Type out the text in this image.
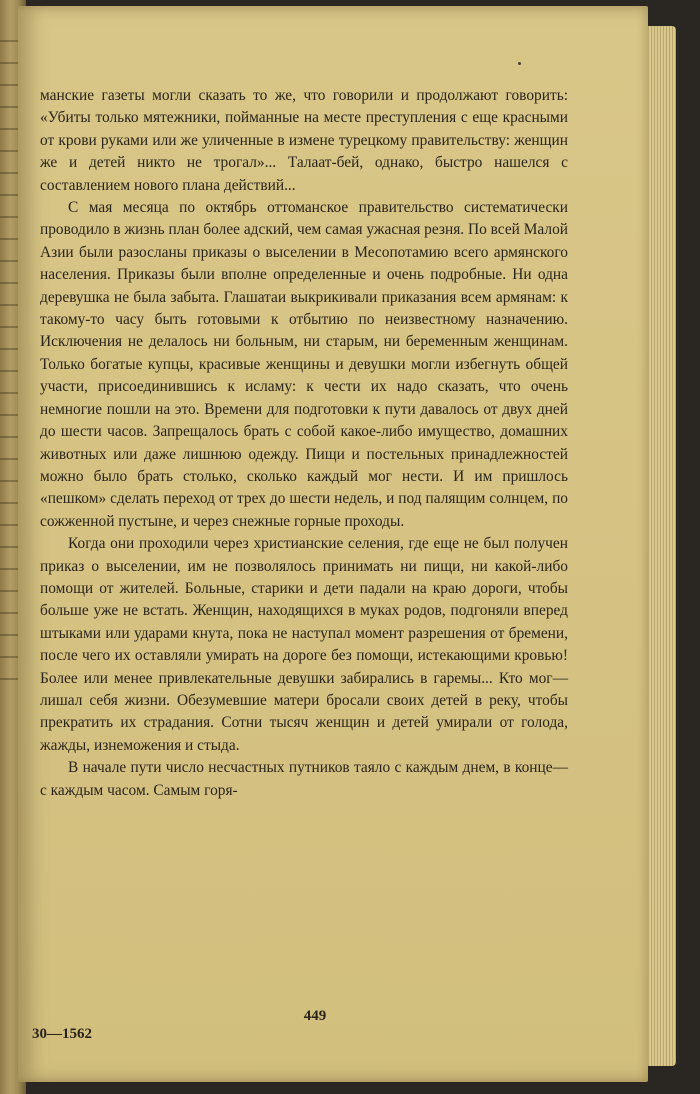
манские газеты могли сказать то же, что говорили и продолжают говорить: «Убиты только мятежники, пойманные на месте преступления с еще красными от крови руками или же уличенные в измене турецкому правительству: женщин же и детей никто не трогал»... Талаат-бей, однако, быстро нашелся с составлением нового плана действий...

С мая месяца по октябрь оттоманское правительство систематически проводило в жизнь план более адский, чем самая ужасная резня. По всей Малой Азии были разосланы приказы о выселении в Месопотамию всего армянского населения. Приказы были вполне определенные и очень подробные. Ни одна деревушка не была забыта. Глашатаи выкрикивали приказания всем армянам: к такому-то часу быть готовыми к отбытию по неизвестному назначению. Исключения не делалось ни больным, ни старым, ни беременным женщинам. Только богатые купцы, красивые женщины и девушки могли избегнуть общей участи, присоединившись к исламу: к чести их надо сказать, что очень немногие пошли на это. Времени для подготовки к пути давалось от двух дней до шести часов. Запрещалось брать с собой какое-либо имущество, домашних животных или даже лишнюю одежду. Пищи и постельных принадлежностей можно было брать столько, сколько каждый мог нести. И им пришлось «пешком» сделать переход от трех до шести недель, и под палящим солнцем, по сожженной пустыне, и через снежные горные проходы.

Когда они проходили через христианские селения, где еще не был получен приказ о выселении, им не позволялось принимать ни пищи, ни какой-либо помощи от жителей. Больные, старики и дети падали на краю дороги, чтобы больше уже не встать. Женщин, находящихся в муках родов, подгоняли вперед штыками или ударами кнута, пока не наступал момент разрешения от бремени, после чего их оставляли умирать на дороге без помощи, истекающими кровью! Более или менее привлекательные девушки забирались в гаремы... Кто мог—лишал себя жизни. Обезумевшие матери бросали своих детей в реку, чтобы прекратить их страдания. Сотни тысяч женщин и детей умирали от голода, жажды, изнеможения и стыда.

В начале пути число несчастных путников таяло с каждым днем, в конце—с каждым часом. Самым горя-

449
30—1562
